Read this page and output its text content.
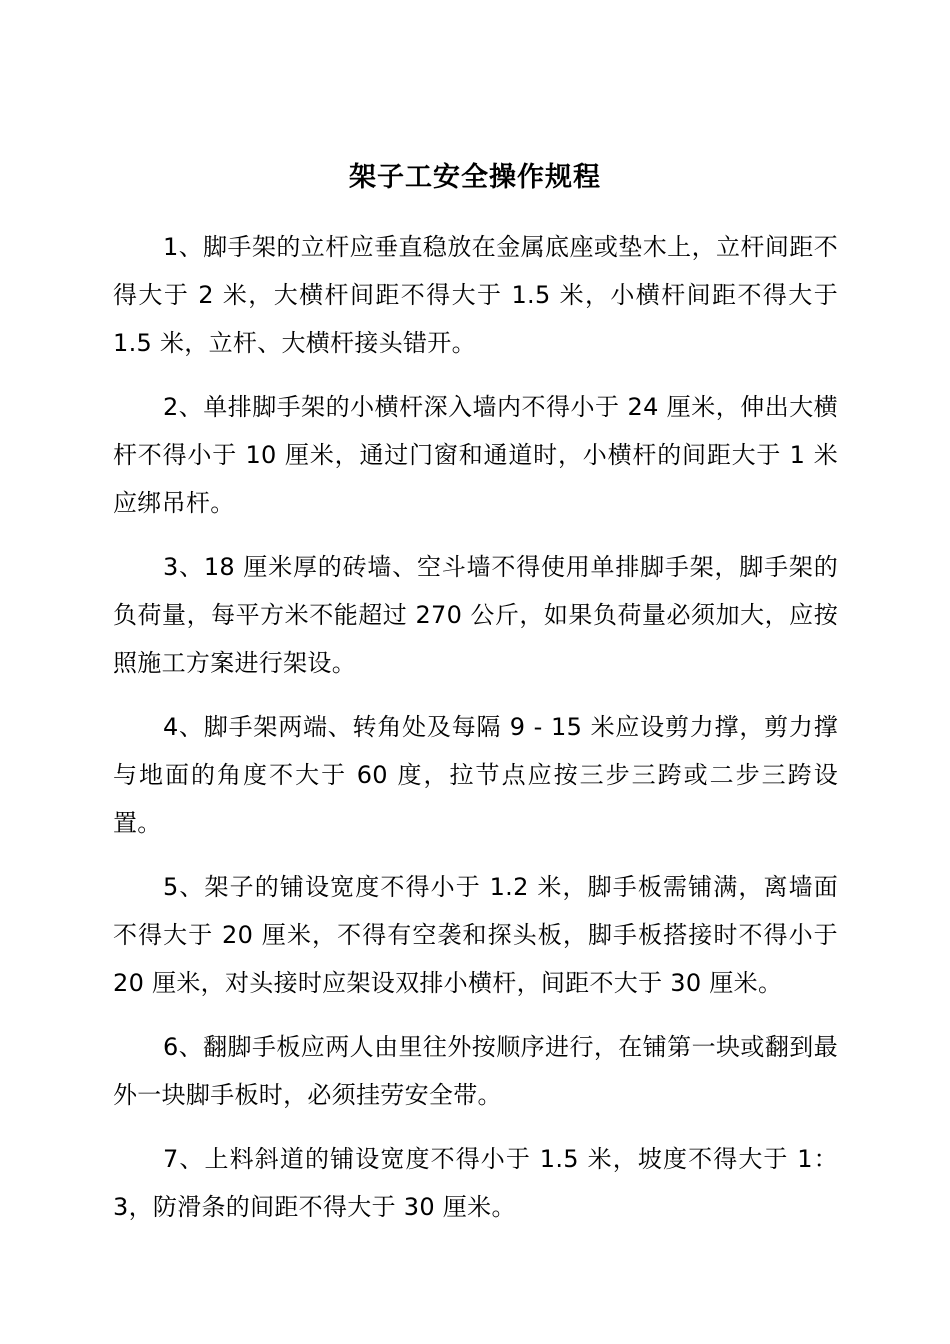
架子工安全操作规程

1、脚手架的立杆应垂直稳放在金属底座或垫木上，立杆间距不得大于 2 米，大横杆间距不得大于 1.5 米，小横杆间距不得大于 1.5 米，立杆、大横杆接头错开。

2、单排脚手架的小横杆深入墙内不得小于 24 厘米，伸出大横杆不得小于 10 厘米，通过门窗和通道时，小横杆的间距大于 1 米应绑吊杆。

3、18 厘米厚的砖墙、空斗墙不得使用单排脚手架，脚手架的负荷量，每平方米不能超过 270 公斤，如果负荷量必须加大，应按照施工方案进行架设。

4、脚手架两端、转角处及每隔 9 - 15 米应设剪力撑，剪力撑与地面的角度不大于 60 度，拉节点应按三步三跨或二步三跨设置。

5、架子的铺设宽度不得小于 1.2 米，脚手板需铺满，离墙面不得大于 20 厘米，不得有空袭和探头板，脚手板搭接时不得小于 20 厘米，对头接时应架设双排小横杆，间距不大于 30 厘米。

6、翻脚手板应两人由里往外按顺序进行，在铺第一块或翻到最外一块脚手板时，必须挂劳安全带。

7、上料斜道的铺设宽度不得小于 1.5 米，坡度不得大于 1：3，防滑条的间距不得大于 30 厘米。
